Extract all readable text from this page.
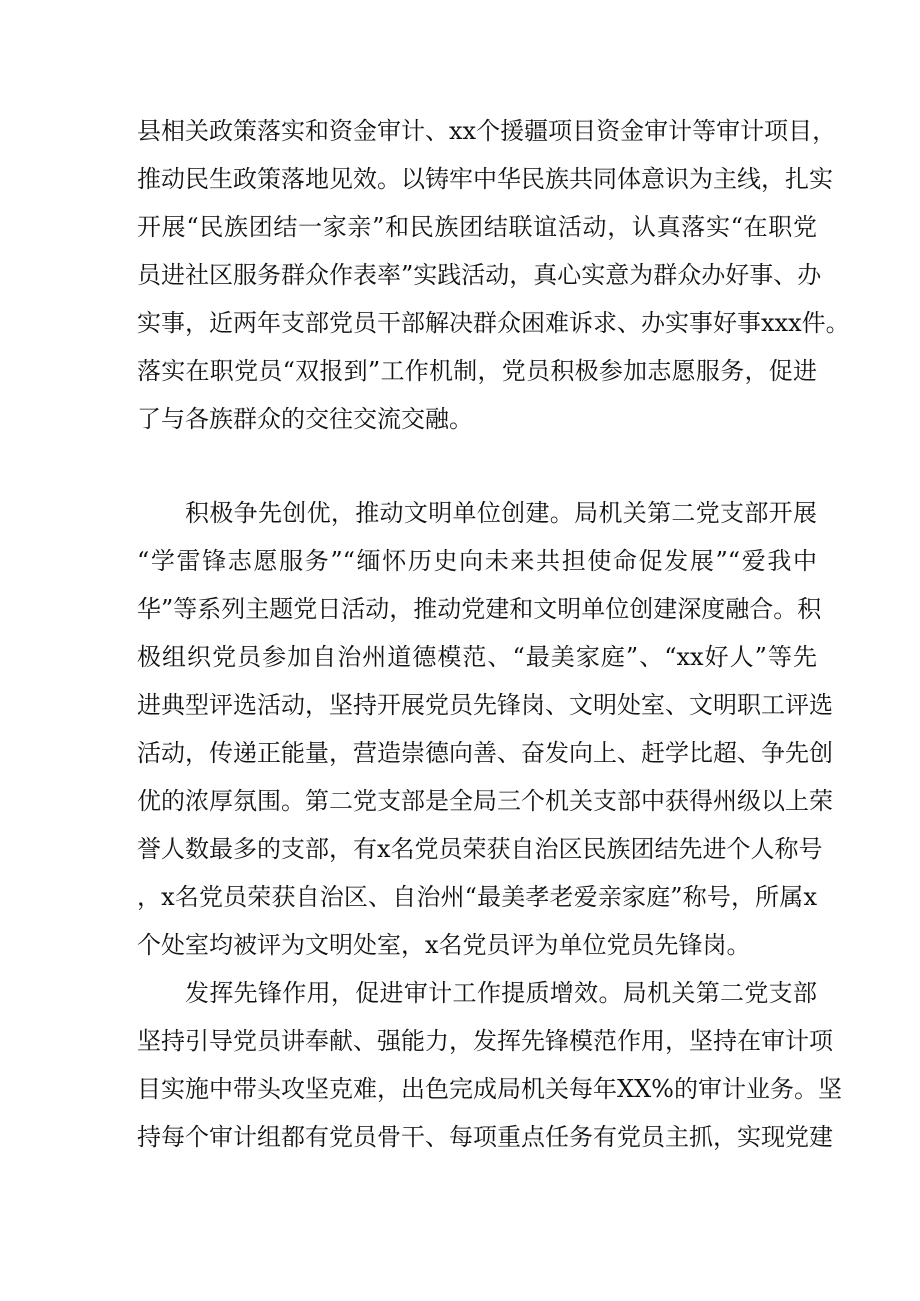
县相关政策落实和资金审计、xx个援疆项目资金审计等审计项目，
推动民生政策落地见效。以铸牢中华民族共同体意识为主线，扎实
开展“民族团结一家亲”和民族团结联谊活动，认真落实“在职党
员进社区服务群众作表率”实践活动，真心实意为群众办好事、办
实事，近两年支部党员干部解决群众困难诉求、办实事好事xxx件。
落实在职党员“双报到”工作机制，党员积极参加志愿服务，促进
了与各族群众的交往交流交融。
积极争先创优，推动文明单位创建。局机关第二党支部开展
“学雷锋志愿服务”“缅怀历史向未来共担使命促发展”“爱我中
华”等系列主题党日活动，推动党建和文明单位创建深度融合。积
极组织党员参加自治州道德模范、“最美家庭”、“xx好人”等先
进典型评选活动，坚持开展党员先锋岗、文明处室、文明职工评选
活动，传递正能量，营造崇德向善、奋发向上、赶学比超、争先创
优的浓厚氛围。第二党支部是全局三个机关支部中获得州级以上荣
誉人数最多的支部，有x名党员荣获自治区民族团结先进个人称号
，x名党员荣获自治区、自治州“最美孝老爱亲家庭”称号，所属x
个处室均被评为文明处室，x名党员评为单位党员先锋岗。
发挥先锋作用，促进审计工作提质增效。局机关第二党支部
坚持引导党员讲奉献、强能力，发挥先锋模范作用，坚持在审计项
目实施中带头攻坚克难，出色完成局机关每年XX%的审计业务。坚
持每个审计组都有党员骨干、每项重点任务有党员主抓，实现党建
